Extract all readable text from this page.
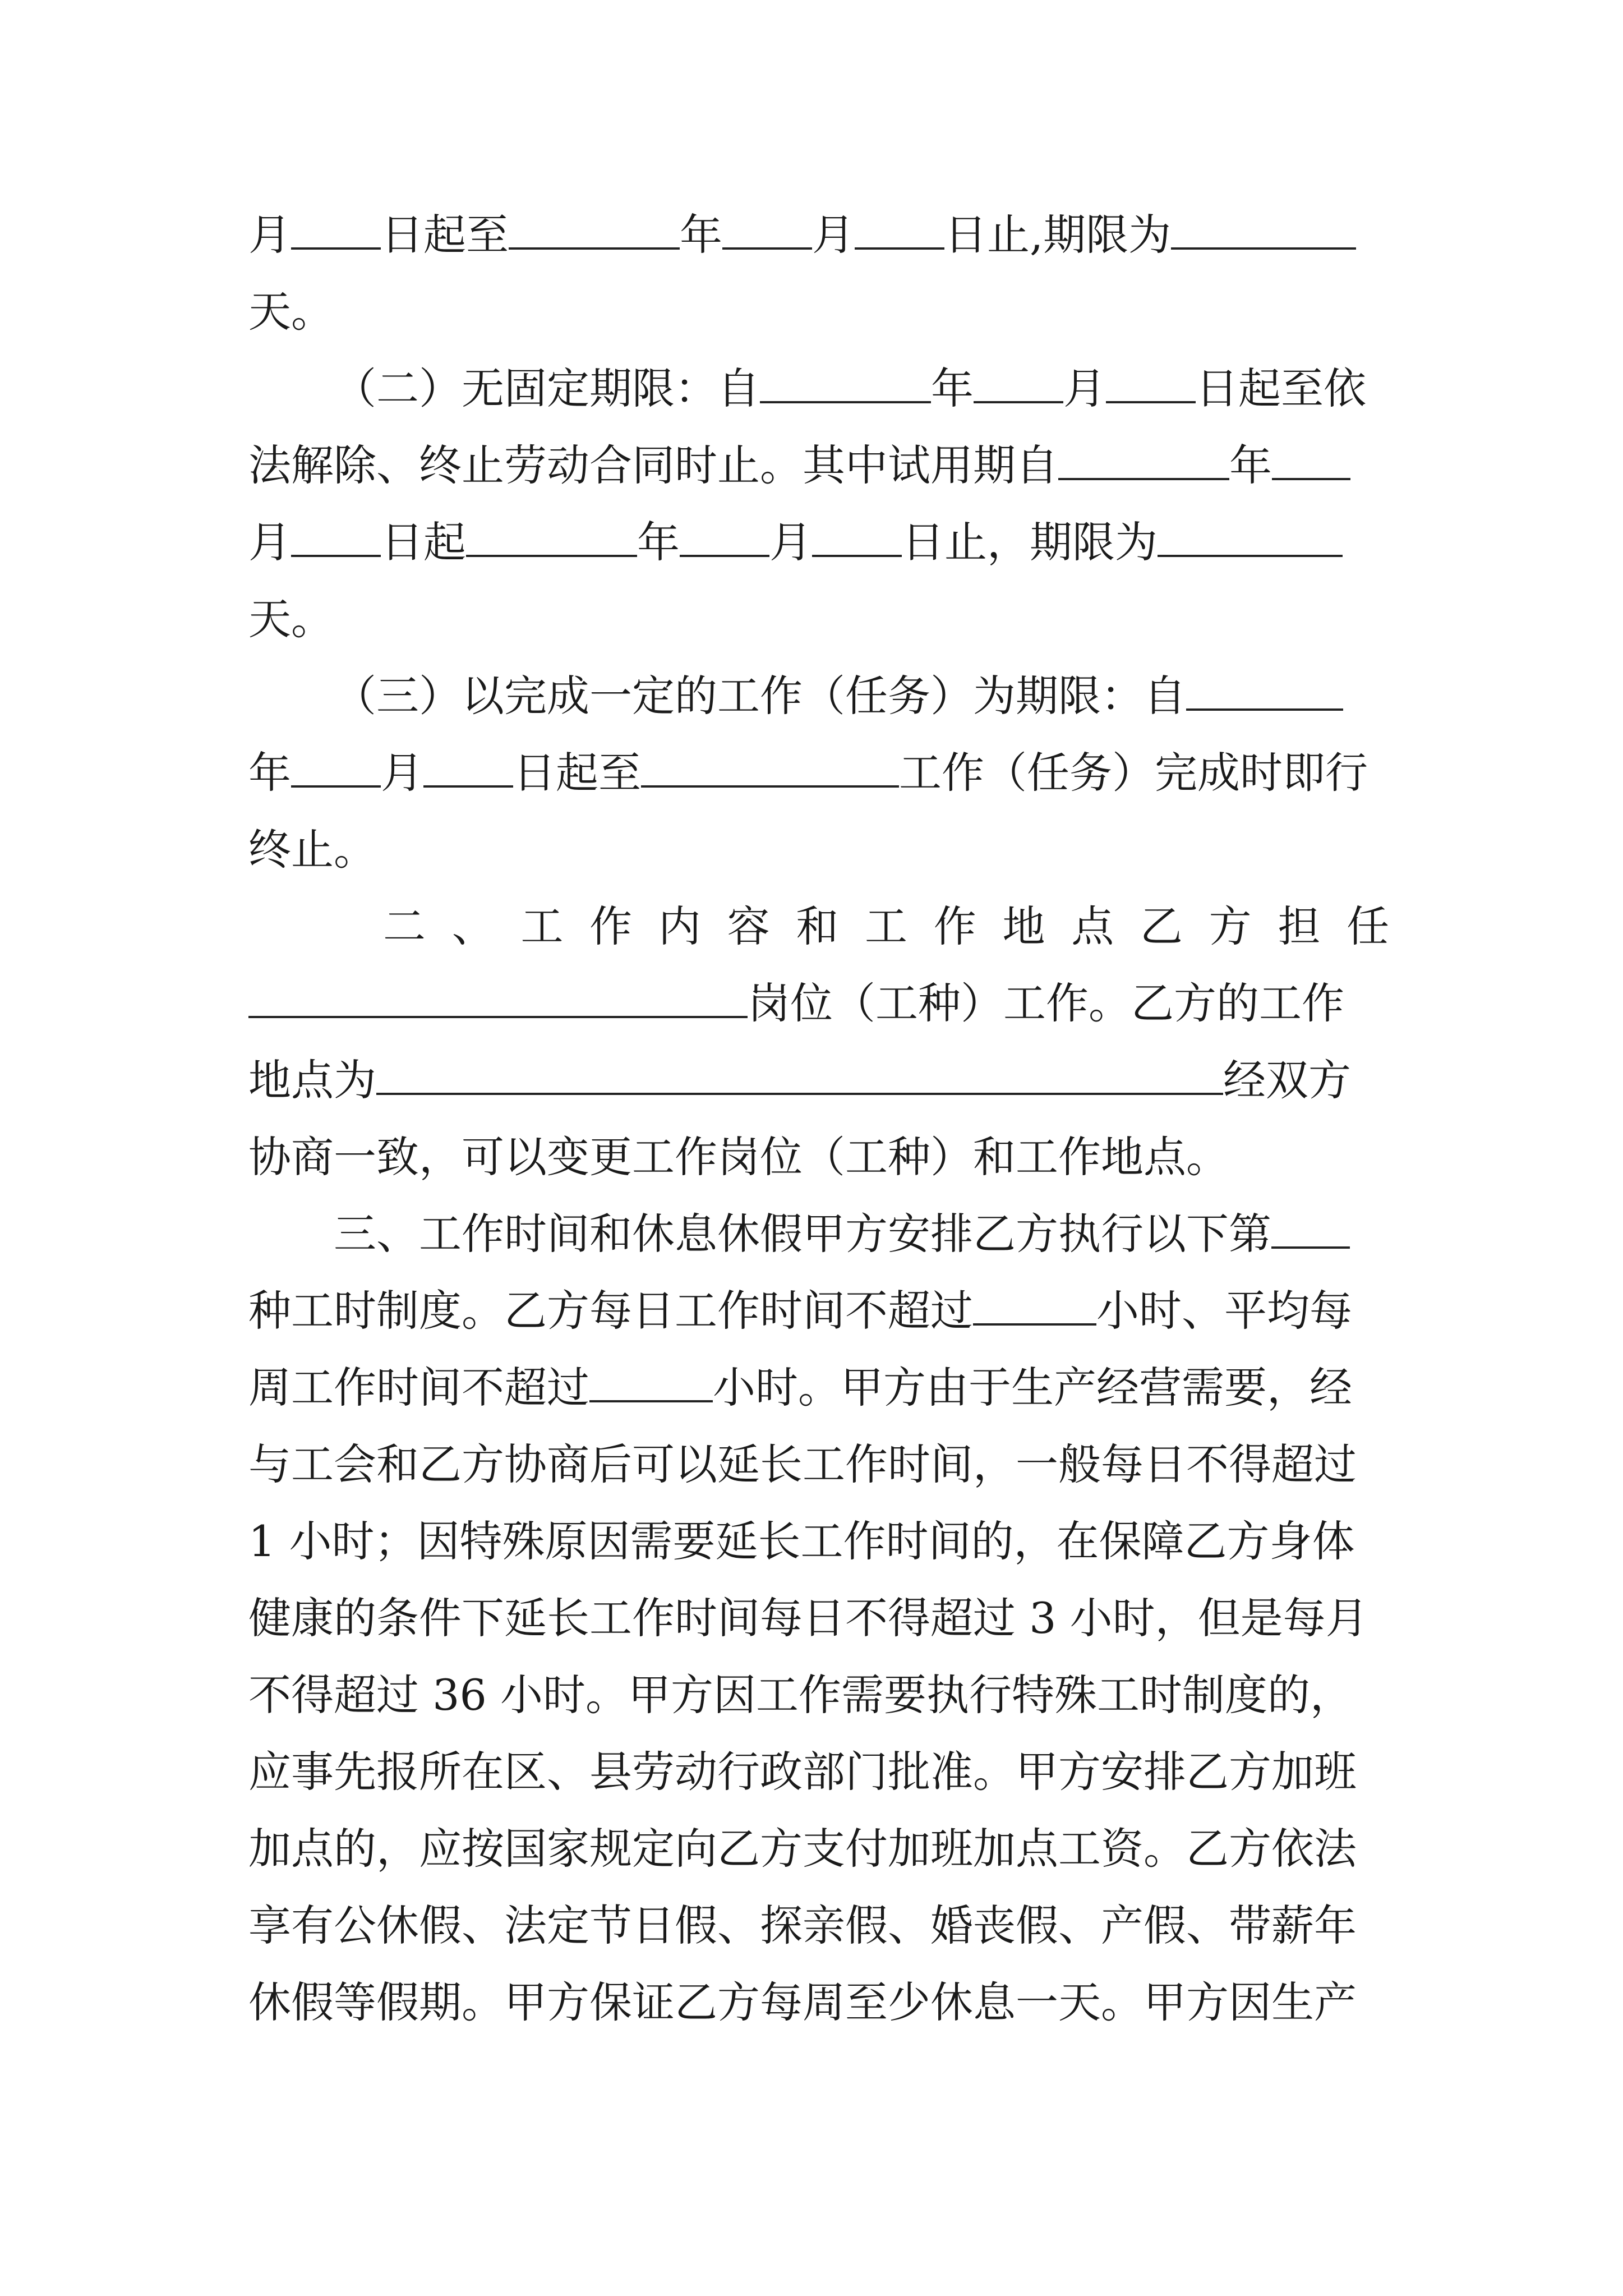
月 日起至	年 月 日止,期限为
天。
（二）无固定期限：自	年 月 日起至依
法解除、终止劳动合同时止。其中试用期自	年
月 日起	年 月 日止，期限为
天。
（三）以完成一定的工作（任务）为期限：自
年 月 日起至	工作（任务）完成时即行
终止。
二 、 工 作 内 容 和 工 作 地 点 乙 方 担 任
岗位（工种）工作。乙方的工作
地点为	经双方
协商一致，可以变更工作岗位（工种）和工作地点。
三、工作时间和休息休假甲方安排乙方执行以下第
种工时制度。乙方每日工作时间不超过	小时、平均每
周工作时间不超过	小时。甲方由于生产经营需要，经
与工会和乙方协商后可以延长工作时间，一般每日不得超过
1 小时；因特殊原因需要延长工作时间的，在保障乙方身体
健康的条件下延长工作时间每日不得超过 3 小时，但是每月
不得超过 36 小时。甲方因工作需要执行特殊工时制度的，
应事先报所在区、县劳动行政部门批准。甲方安排乙方加班
加点的，应按国家规定向乙方支付加班加点工资。乙方依法
享有公休假、法定节日假、探亲假、婚丧假、产假、带薪年
休假等假期。甲方保证乙方每周至少休息一天。甲方因生产
